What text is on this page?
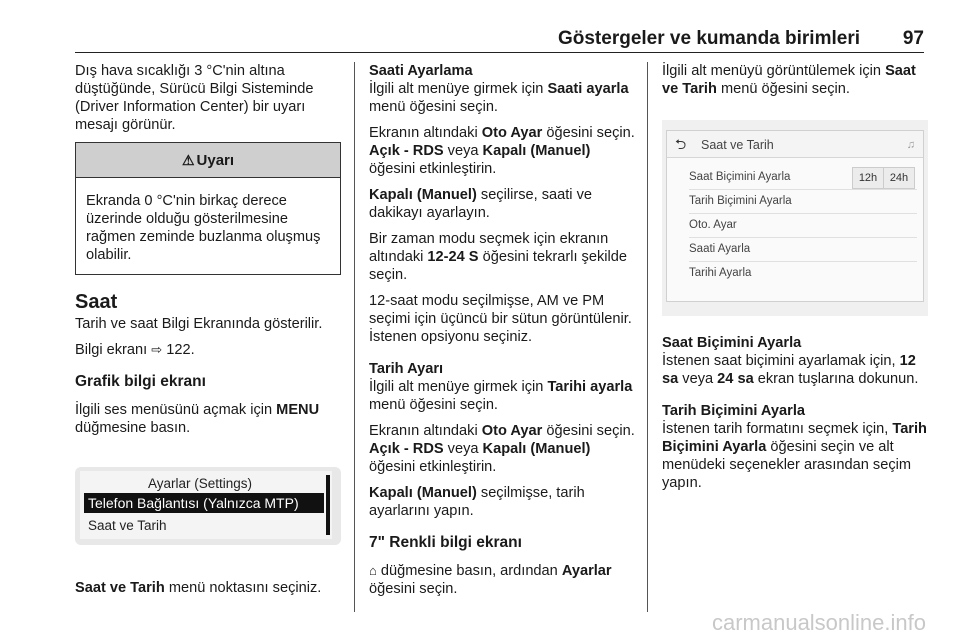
Göstergeler ve kumanda birimleri 97

Dış hava sıcaklığı 3 °C'nin altına düştüğünde, Sürücü Bilgi Sisteminde (Driver Information Center) bir uyarı mesajı görünür.

⚠ Uyarı
Ekranda 0 °C'nin birkaç derece üzerinde olduğu gösterilmesine rağmen zeminde buzlanma oluşmuş olabilir.
Saat

Tarih ve saat Bilgi Ekranında gösterilir.

Bilgi ekranı ⇨ 122.

Grafik bilgi ekranı

İlgili ses menüsünü açmak için MENU düğmesine basın.

Ayarlar (Settings)
Telefon Bağlantısı (Yalnızca MTP)
Saat ve Tarih

Saat ve Tarih menü noktasını seçiniz.

Saati Ayarlama

İlgili alt menüye girmek için Saati ayarla menü öğesini seçin.

Ekranın altındaki Oto Ayar öğesini seçin. Açık - RDS veya Kapalı (Manuel) öğesini etkinleştirin.

Kapalı (Manuel) seçilirse, saati ve dakikayı ayarlayın.

Bir zaman modu seçmek için ekranın altındaki 12-24 S öğesini tekrarlı şekilde seçin.

12-saat modu seçilmişse, AM ve PM seçimi için üçüncü bir sütun görüntülenir. İstenen opsiyonu seçiniz.

Tarih Ayarı

İlgili alt menüye girmek için Tarihi ayarla menü öğesini seçin.

Ekranın altındaki Oto Ayar öğesini seçin. Açık - RDS veya Kapalı (Manuel) öğesini etkinleştirin.

Kapalı (Manuel) seçilmişse, tarih ayarlarını yapın.

7" Renkli bilgi ekranı

⌂ düğmesine basın, ardından Ayarlar öğesini seçin.

İlgili alt menüyü görüntülemek için Saat ve Tarih menü öğesini seçin.

⮌ Saat ve Tarih	♫
Saat Biçimini Ayarla	12h	24h
Tarih Biçimini Ayarla
Oto. Ayar
Saati Ayarla
Tarihi Ayarla
Saat Biçimini Ayarla

İstenen saat biçimini ayarlamak için, 12 sa veya 24 sa ekran tuşlarına dokunun.

Tarih Biçimini Ayarla

İstenen tarih formatını seçmek için, Tarih Biçimini Ayarla öğesini seçin ve alt menüdeki seçenekler arasından seçim yapın.

carmanualsonline.info
